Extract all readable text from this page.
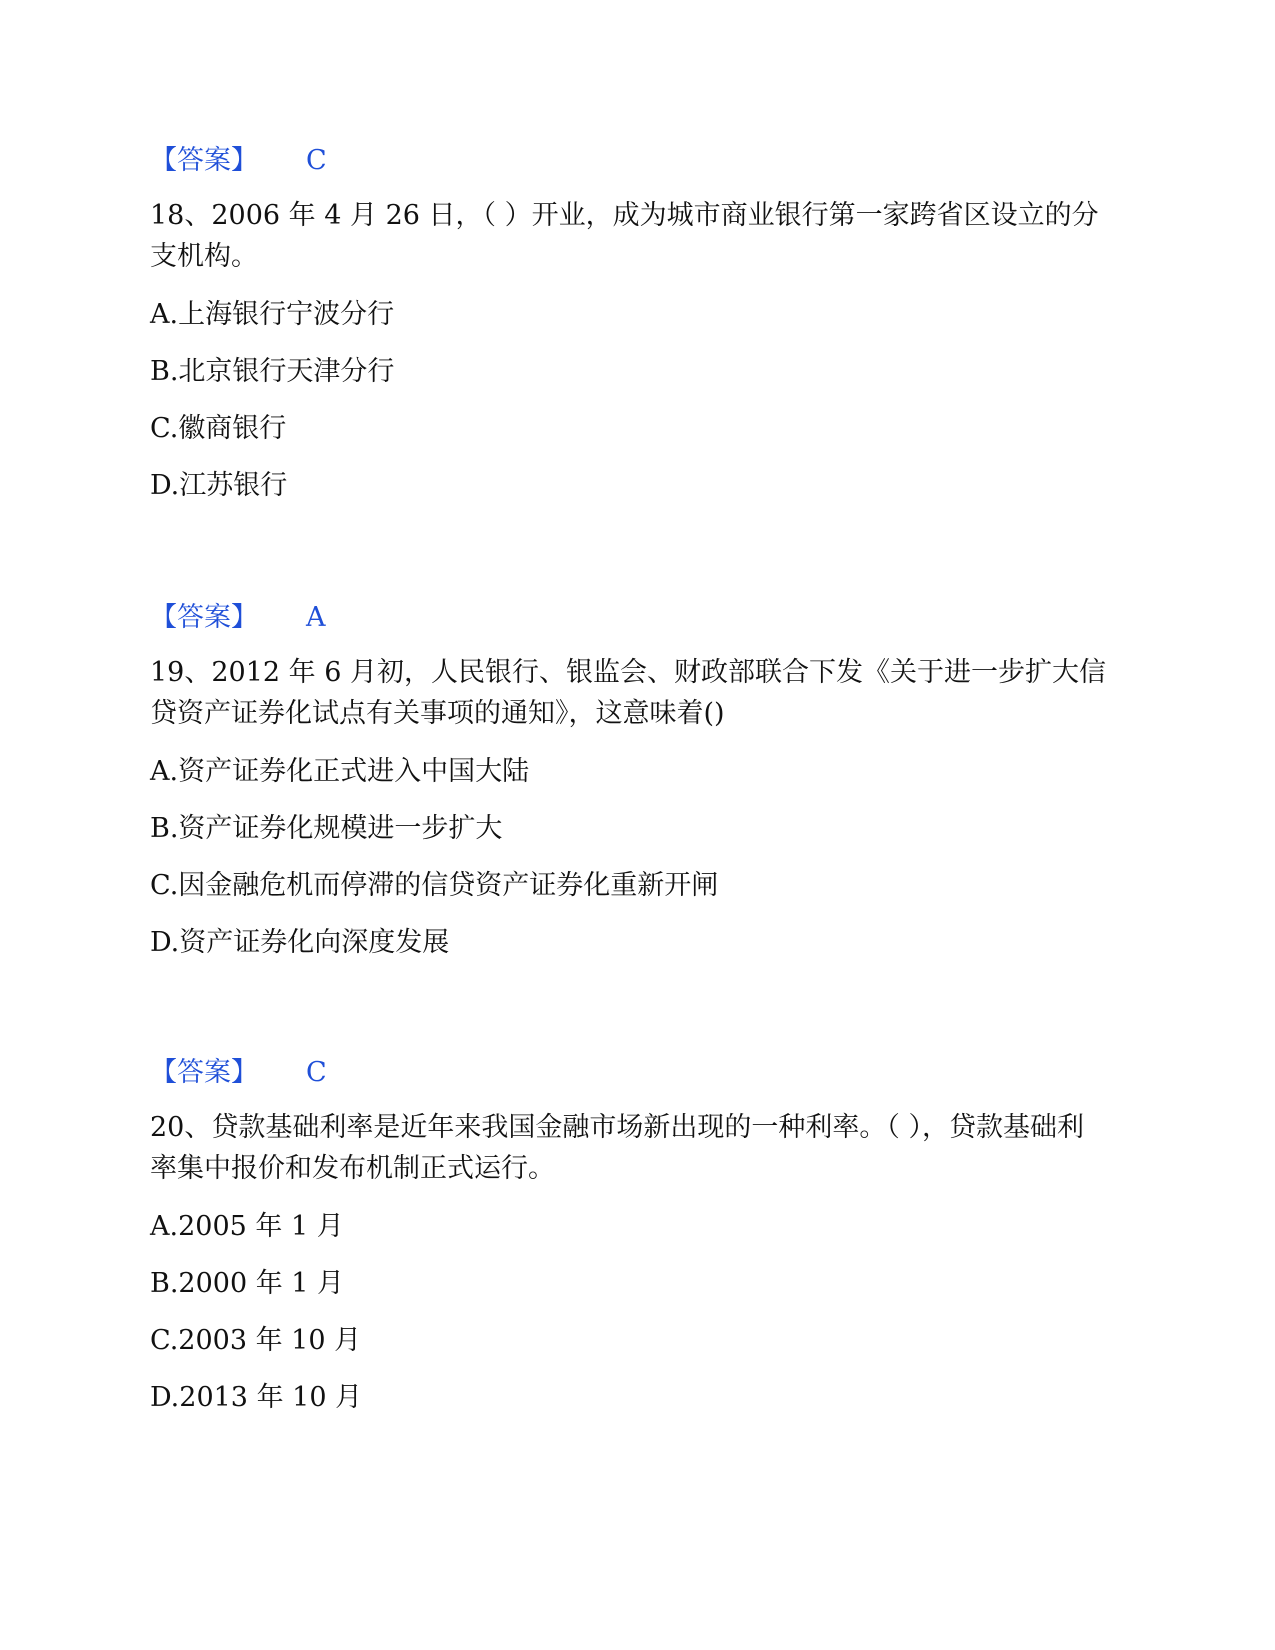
【答案】 C
18、2006 年 4 月 26 日，（ ）开业，成为城市商业银行第一家跨省区设立的分支机构。
A.上海银行宁波分行
B.北京银行天津分行
C.徽商银行
D.江苏银行
【答案】 A
19、2012 年 6 月初，人民银行、银监会、财政部联合下发《关于进一步扩大信贷资产证券化试点有关事项的通知》，这意味着()
A.资产证券化正式进入中国大陆
B.资产证券化规模进一步扩大
C.因金融危机而停滞的信贷资产证券化重新开闸
D.资产证券化向深度发展
【答案】 C
20、贷款基础利率是近年来我国金融市场新出现的一种利率。（ ），贷款基础利率集中报价和发布机制正式运行。
A.2005 年 1 月
B.2000 年 1 月
C.2003 年 10 月
D.2013 年 10 月
